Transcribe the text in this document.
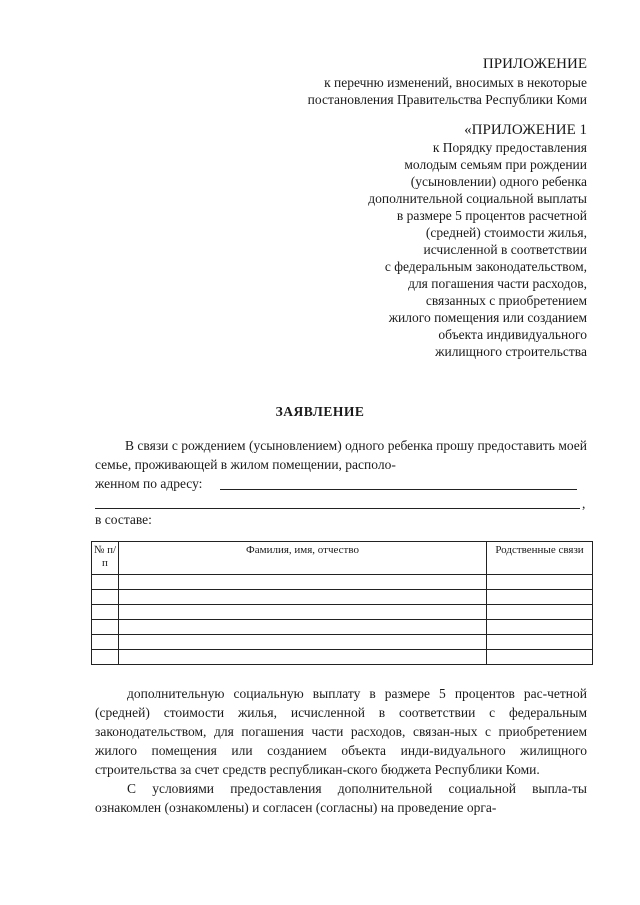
ПРИЛОЖЕНИЕ
к перечню изменений, вносимых в некоторые
постановления Правительства Республики Коми
«ПРИЛОЖЕНИЕ 1
к Порядку предоставления
молодым семьям при рождении
(усыновлении) одного ребенка
дополнительной социальной выплаты
в размере 5 процентов расчетной
(средней) стоимости жилья,
исчисленной в соответствии
с федеральным законодательством,
для погашения части расходов,
связанных с приобретением
жилого помещения или созданием
объекта индивидуального
жилищного строительства
ЗАЯВЛЕНИЕ
В связи с рождением (усыновлением) одного ребенка прошу предоставить моей семье, проживающей в жилом помещении, располо-
женном по адресу:
,
в составе:
№ п/п	Фамилия, имя, отчество	Родственные связи

дополнительную социальную выплату в размере 5 процентов рас-четной (средней) стоимости жилья, исчисленной в соответствии с федеральным законодательством, для погашения части расходов, связан-ных с приобретением жилого помещения или созданием объекта инди-видуального жилищного строительства за счет средств республикан-ского бюджета Республики Коми.
С условиями предоставления дополнительной социальной выпла-ты ознакомлен (ознакомлены) и согласен (согласны) на проведение орга-
